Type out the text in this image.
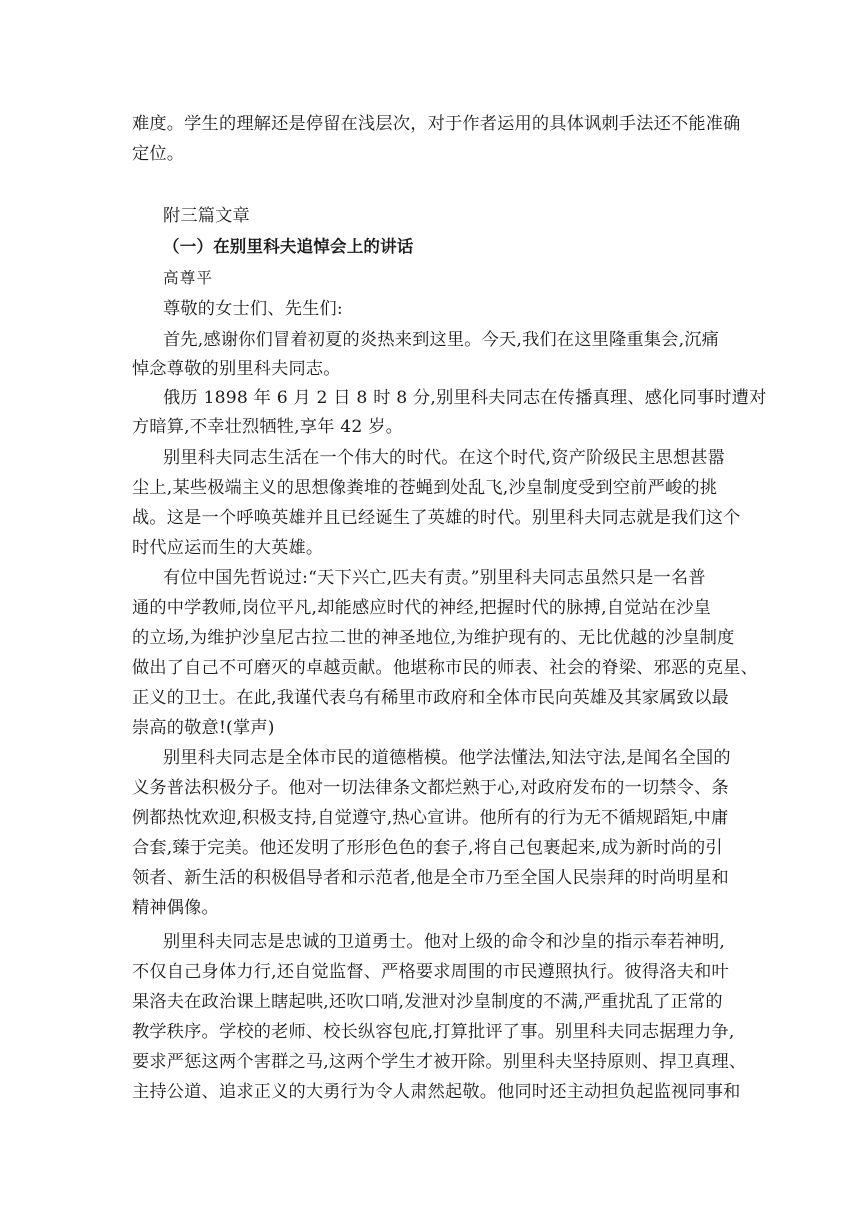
难度。学生的理解还是停留在浅层次，对于作者运用的具体讽刺手法还不能准确
定位。
附三篇文章
（一）在别里科夫追悼会上的讲话
高尊平
尊敬的女士们、先生们:
首先,感谢你们冒着初夏的炎热来到这里。今天,我们在这里隆重集会,沉痛
悼念尊敬的别里科夫同志。
俄历 1898 年 6 月 2 日 8 时 8 分,别里科夫同志在传播真理、感化同事时遭对
方暗算,不幸壮烈牺牲,享年 42 岁。
别里科夫同志生活在一个伟大的时代。在这个时代,资产阶级民主思想甚嚣
尘上,某些极端主义的思想像粪堆的苍蝇到处乱飞,沙皇制度受到空前严峻的挑
战。这是一个呼唤英雄并且已经诞生了英雄的时代。别里科夫同志就是我们这个
时代应运而生的大英雄。
有位中国先哲说过:“天下兴亡,匹夫有责。”别里科夫同志虽然只是一名普
通的中学教师,岗位平凡,却能感应时代的神经,把握时代的脉搏,自觉站在沙皇
的立场,为维护沙皇尼古拉二世的神圣地位,为维护现有的、无比优越的沙皇制度
做出了自己不可磨灭的卓越贡献。他堪称市民的师表、社会的脊梁、邪恶的克星、
正义的卫士。在此,我谨代表乌有稀里市政府和全体市民向英雄及其家属致以最
崇高的敬意!(掌声)
别里科夫同志是全体市民的道德楷模。他学法懂法,知法守法,是闻名全国的
义务普法积极分子。他对一切法律条文都烂熟于心,对政府发布的一切禁令、条
例都热忱欢迎,积极支持,自觉遵守,热心宣讲。他所有的行为无不循规蹈矩,中庸
合套,臻于完美。他还发明了形形色色的套子,将自己包裹起来,成为新时尚的引
领者、新生活的积极倡导者和示范者,他是全市乃至全国人民崇拜的时尚明星和
精神偶像。
别里科夫同志是忠诚的卫道勇士。他对上级的命令和沙皇的指示奉若神明,
不仅自己身体力行,还自觉监督、严格要求周围的市民遵照执行。彼得洛夫和叶
果洛夫在政治课上瞎起哄,还吹口哨,发泄对沙皇制度的不满,严重扰乱了正常的
教学秩序。学校的老师、校长纵容包庇,打算批评了事。别里科夫同志据理力争,
要求严惩这两个害群之马,这两个学生才被开除。别里科夫坚持原则、捍卫真理、
主持公道、追求正义的大勇行为令人肃然起敬。他同时还主动担负起监视同事和
